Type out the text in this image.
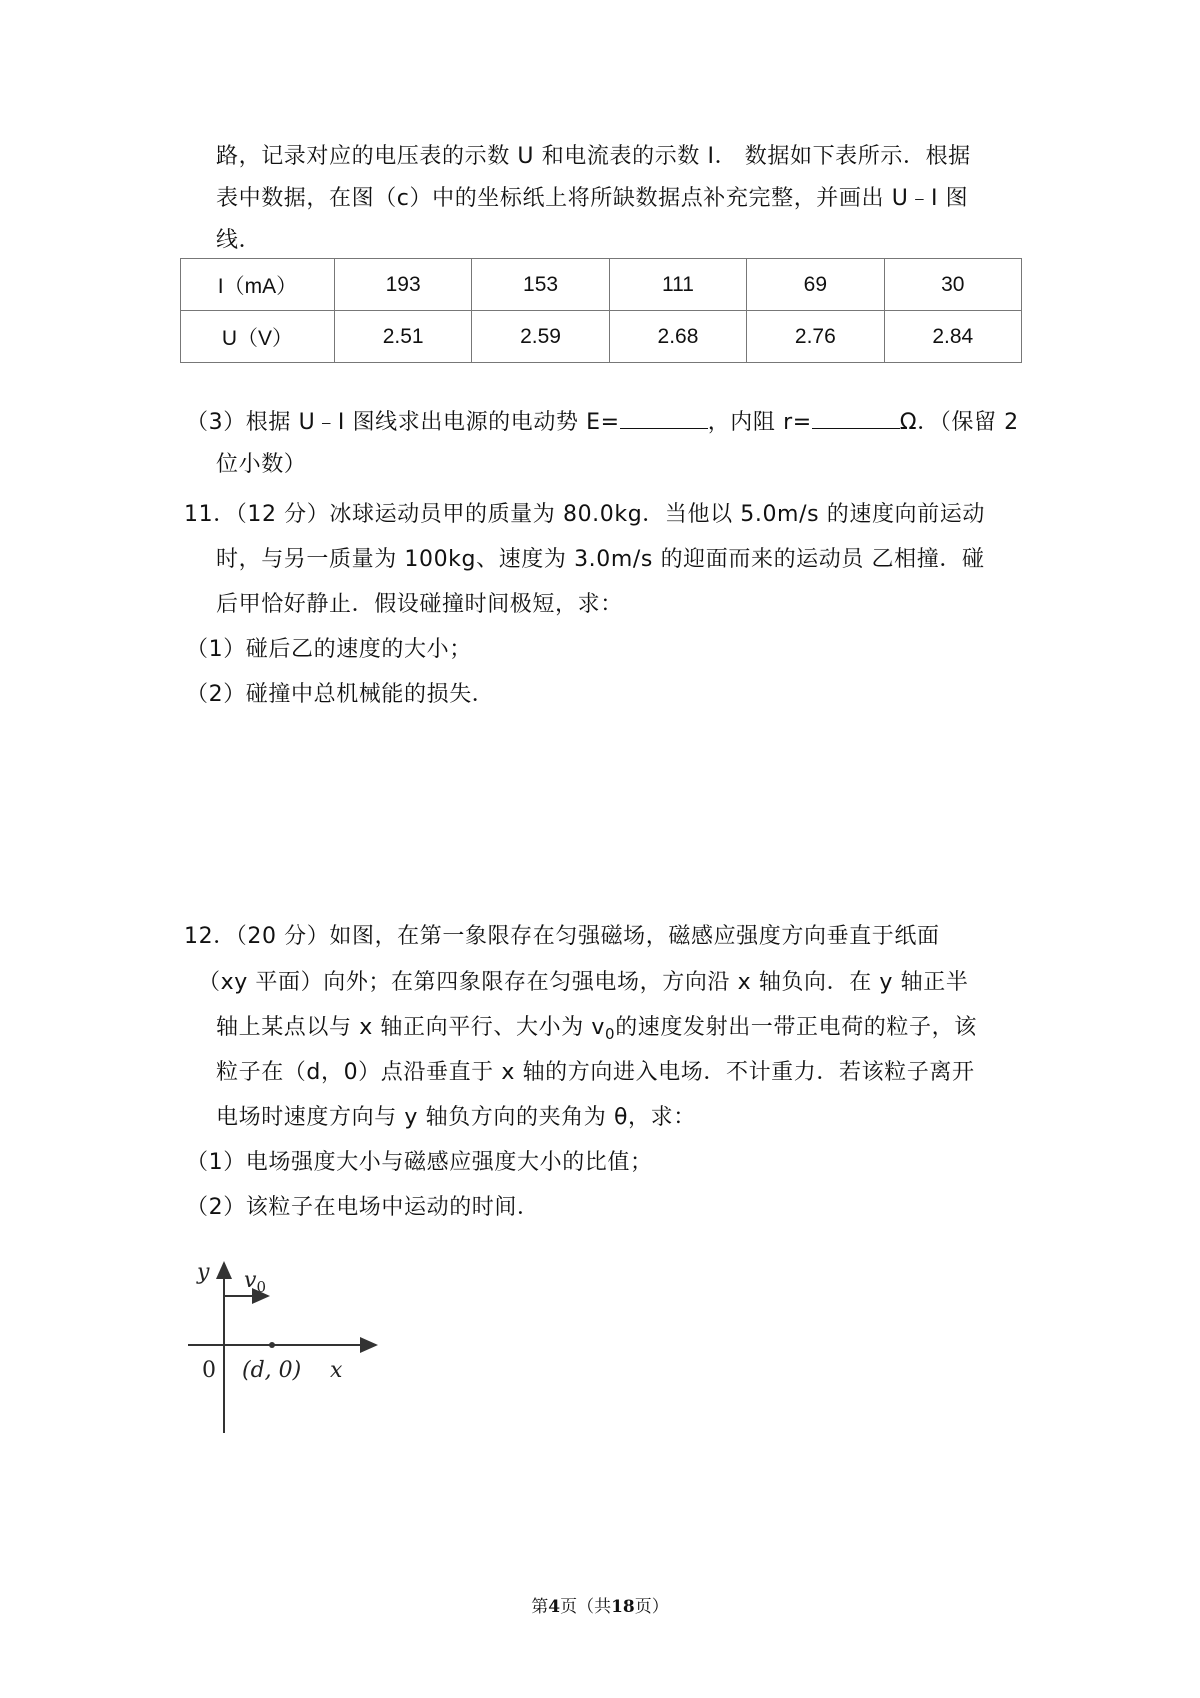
路，记录对应的电压表的示数 U 和电流表的示数 I． 数据如下表所示．根据
表中数据，在图（c）中的坐标纸上将所缺数据点补充完整，并画出 U﹣I 图
线．
I（mA）	193	153	111	69	30
U（V）	2.51	2.59	2.68	2.76	2.84
（3）根据 U﹣I 图线求出电源的电动势 E=	，内阻 r=	Ω．（保留 2
位小数）
11．（12 分）冰球运动员甲的质量为 80.0kg．当他以 5.0m/s 的速度向前运动
时，与另一质量为 100kg、速度为 3.0m/s 的迎面而来的运动员 乙相撞．碰
后甲恰好静止．假设碰撞时间极短，求：
（1）碰后乙的速度的大小；
（2）碰撞中总机械能的损失．
12．（20 分）如图，在第一象限存在匀强磁场，磁感应强度方向垂直于纸面
（xy 平面）向外；在第四象限存在匀强电场，方向沿 x 轴负向．在 y 轴正半
轴上某点以与 x 轴正向平行、大小为 $v_0$的速度发射出一带正电荷的粒子，该
粒子在（d，0）点沿垂直于 x 轴的方向进入电场．不计重力．若该粒子离开
电场时速度方向与 y 轴负方向的夹角为 θ，求：
（1）电场强度大小与磁感应强度大小的比值；
（2）该粒子在电场中运动的时间．
y $v_0$
0 (d, 0) x
第4页（共18页）
